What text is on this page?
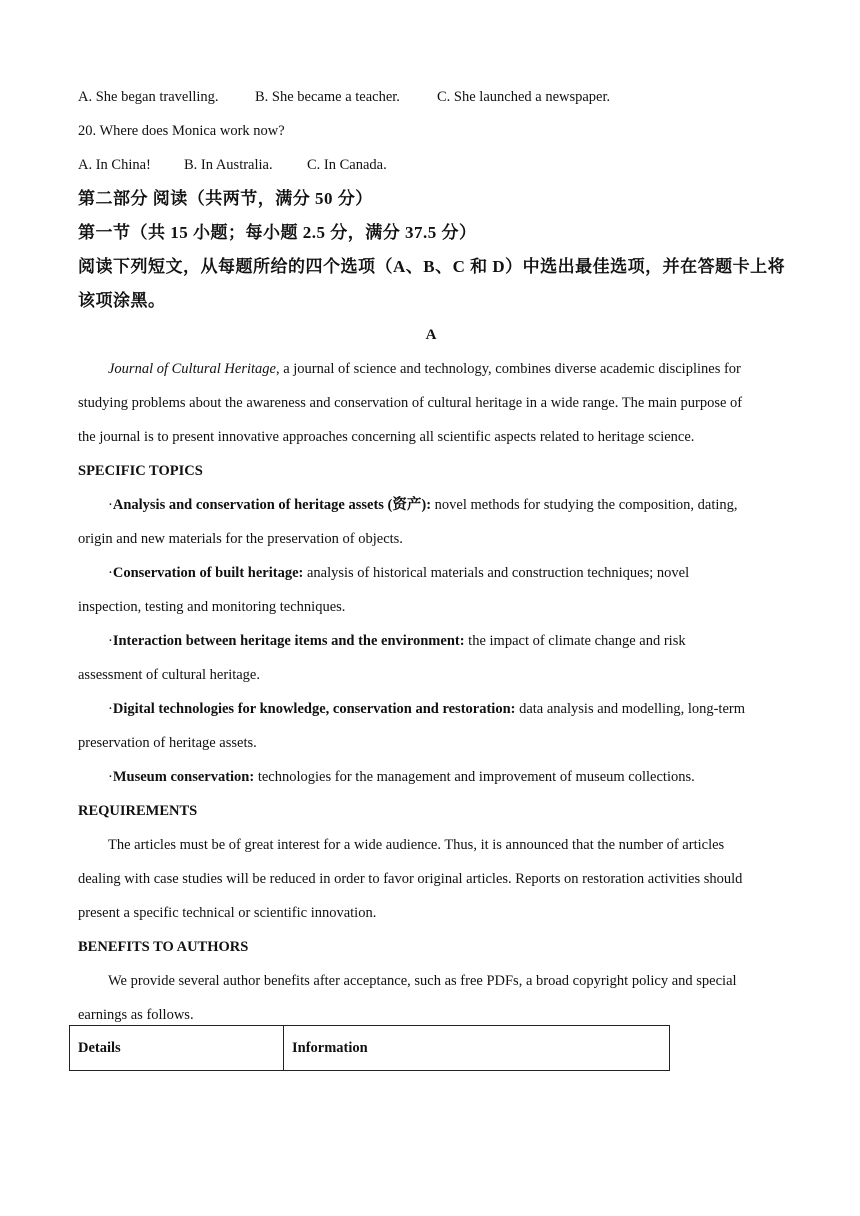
A. She began travelling.	B. She became a teacher.	C. She launched a newspaper.
20. Where does Monica work now?
A. In China! B. In Australia. C. In Canada.
第二部分 阅读（共两节，满分 50 分）
第一节（共 15 小题；每小题 2.5 分，满分 37.5 分）
阅读下列短文，从每题所给的四个选项（A、B、C 和 D）中选出最佳选项，并在答题卡上将
该项涂黑。
A
Journal of Cultural Heritage, a journal of science and technology, combines diverse academic disciplines for
studying problems about the awareness and conservation of cultural heritage in a wide range. The main purpose of
the journal is to present innovative approaches concerning all scientific aspects related to heritage science.
SPECIFIC TOPICS
·Analysis and conservation of heritage assets (资产): novel methods for studying the composition, dating,
origin and new materials for the preservation of objects.
·Conservation of built heritage: analysis of historical materials and construction techniques; novel
inspection, testing and monitoring techniques.
·Interaction between heritage items and the environment: the impact of climate change and risk
assessment of cultural heritage.
·Digital technologies for knowledge, conservation and restoration: data analysis and modelling, long-term
preservation of heritage assets.
·Museum conservation: technologies for the management and improvement of museum collections.
REQUIREMENTS
The articles must be of great interest for a wide audience. Thus, it is announced that the number of articles
dealing with case studies will be reduced in order to favor original articles. Reports on restoration activities should
present a specific technical or scientific innovation.
BENEFITS TO AUTHORS
We provide several author benefits after acceptance, such as free PDFs, a broad copyright policy and special
earnings as follows.
Details	Information
